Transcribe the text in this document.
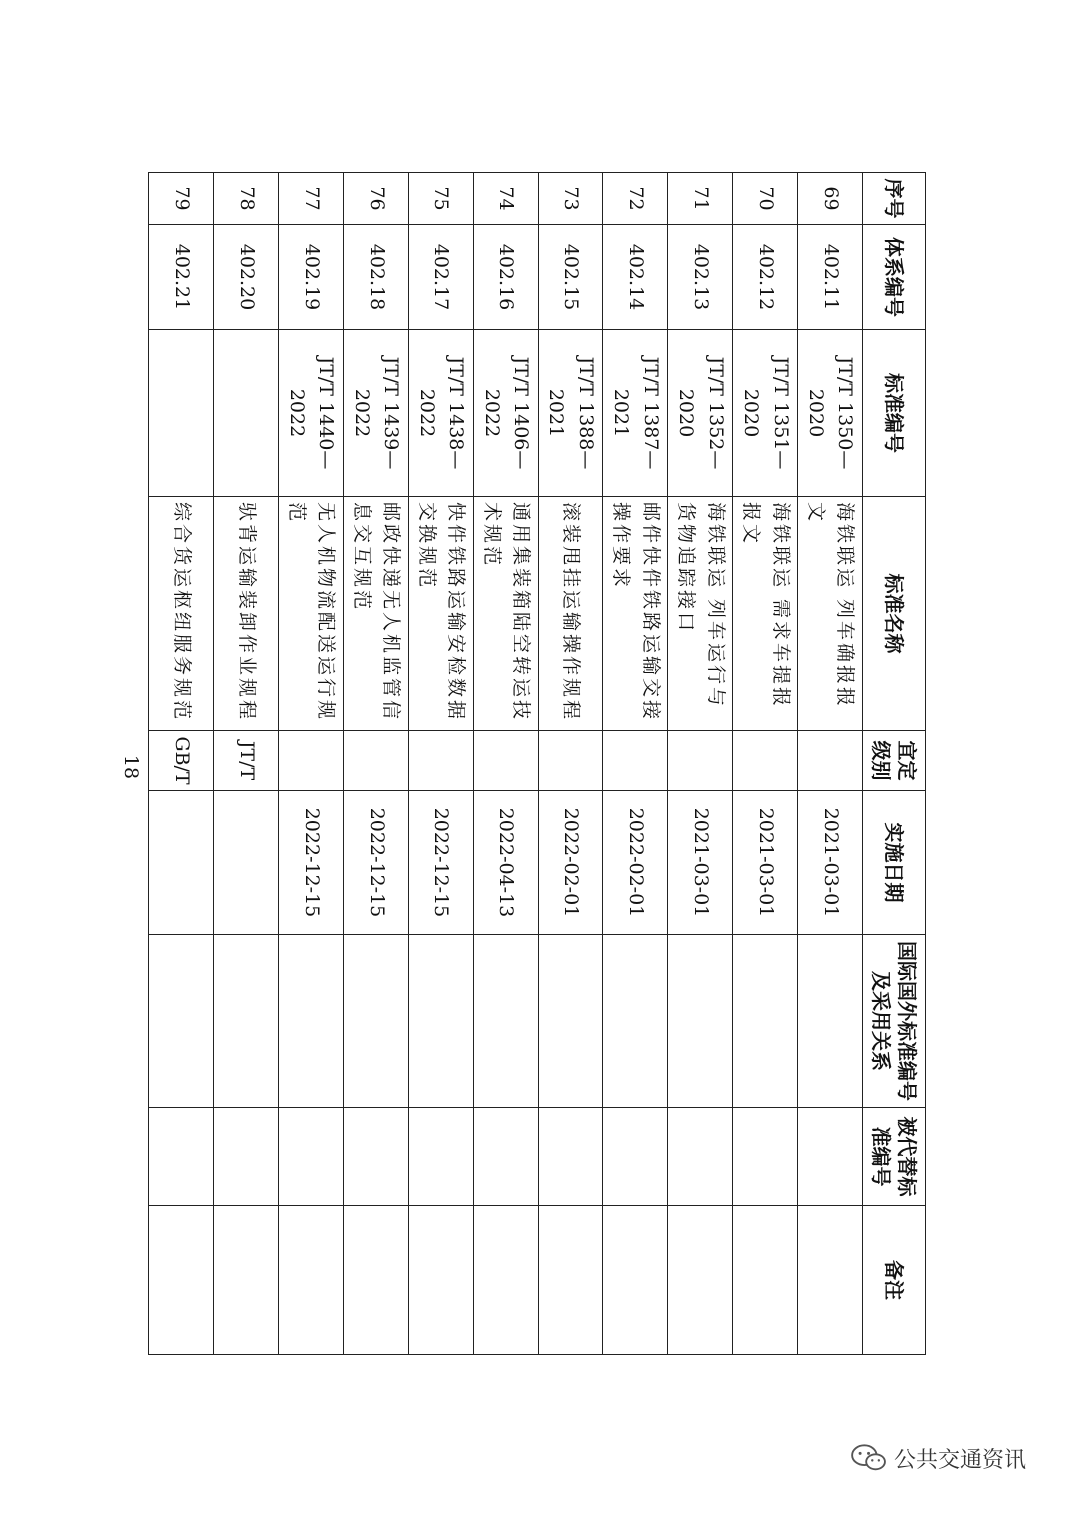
序号	体系编号	标准编号	标准名称	宜定级别	实施日期	国际国外标准编号及采用关系	被代替标准编号	备注
69	402.11	JT/T 1350—2020	海铁联运 列车确报报文		2021-03-01			
70	402.12	JT/T 1351—2020	海铁联运 需求车提报报文		2021-03-01			
71	402.13	JT/T 1352—2020	海铁联运 列车运行与货物追踪接口		2021-03-01			
72	402.14	JT/T 1387—2021	邮件快件铁路运输交接操作要求		2022-02-01			
73	402.15	JT/T 1388—2021	滚装甩挂运输操作规程		2022-02-01			
74	402.16	JT/T 1406—2022	通用集装箱陆空转运技术规范		2022-04-13			
75	402.17	JT/T 1438—2022	快件铁路运输安检数据交换规范		2022-12-15			
76	402.18	JT/T 1439—2022	邮政快递无人机监管信息交互规范		2022-12-15			
77	402.19	JT/T 1440—2022	无人机物流配送运行规范		2022-12-15			
78	402.20		驮背运输装卸作业规程	JT/T				
79	402.21		综合货运枢纽服务规范	GB/T				
18
公共交通资讯
